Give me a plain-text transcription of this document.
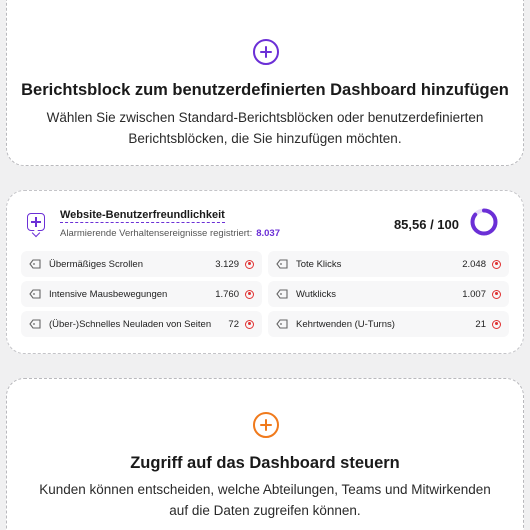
Berichtsblock zum benutzerdefinierten Dashboard hinzufügen
Wählen Sie zwischen Standard-Berichtsblöcken oder benutzerdefinierten Berichtsblöcken, die Sie hinzufügen möchten.
Website-Benutzerfreundlichkeit
Alarmierende Verhaltensereignisse registriert: 8.037
85,56 / 100
Übermäßiges Scrollen	3.129	Tote Klicks	2.048
Intensive Mausbewegungen	1.760	Wutklicks	1.007
(Über-)Schnelles Neuladen von Seiten	72	Kehrtwenden (U-Turns)	21
Zugriff auf das Dashboard steuern
Kunden können entscheiden, welche Abteilungen, Teams und Mitwirkenden auf die Daten zugreifen können.
